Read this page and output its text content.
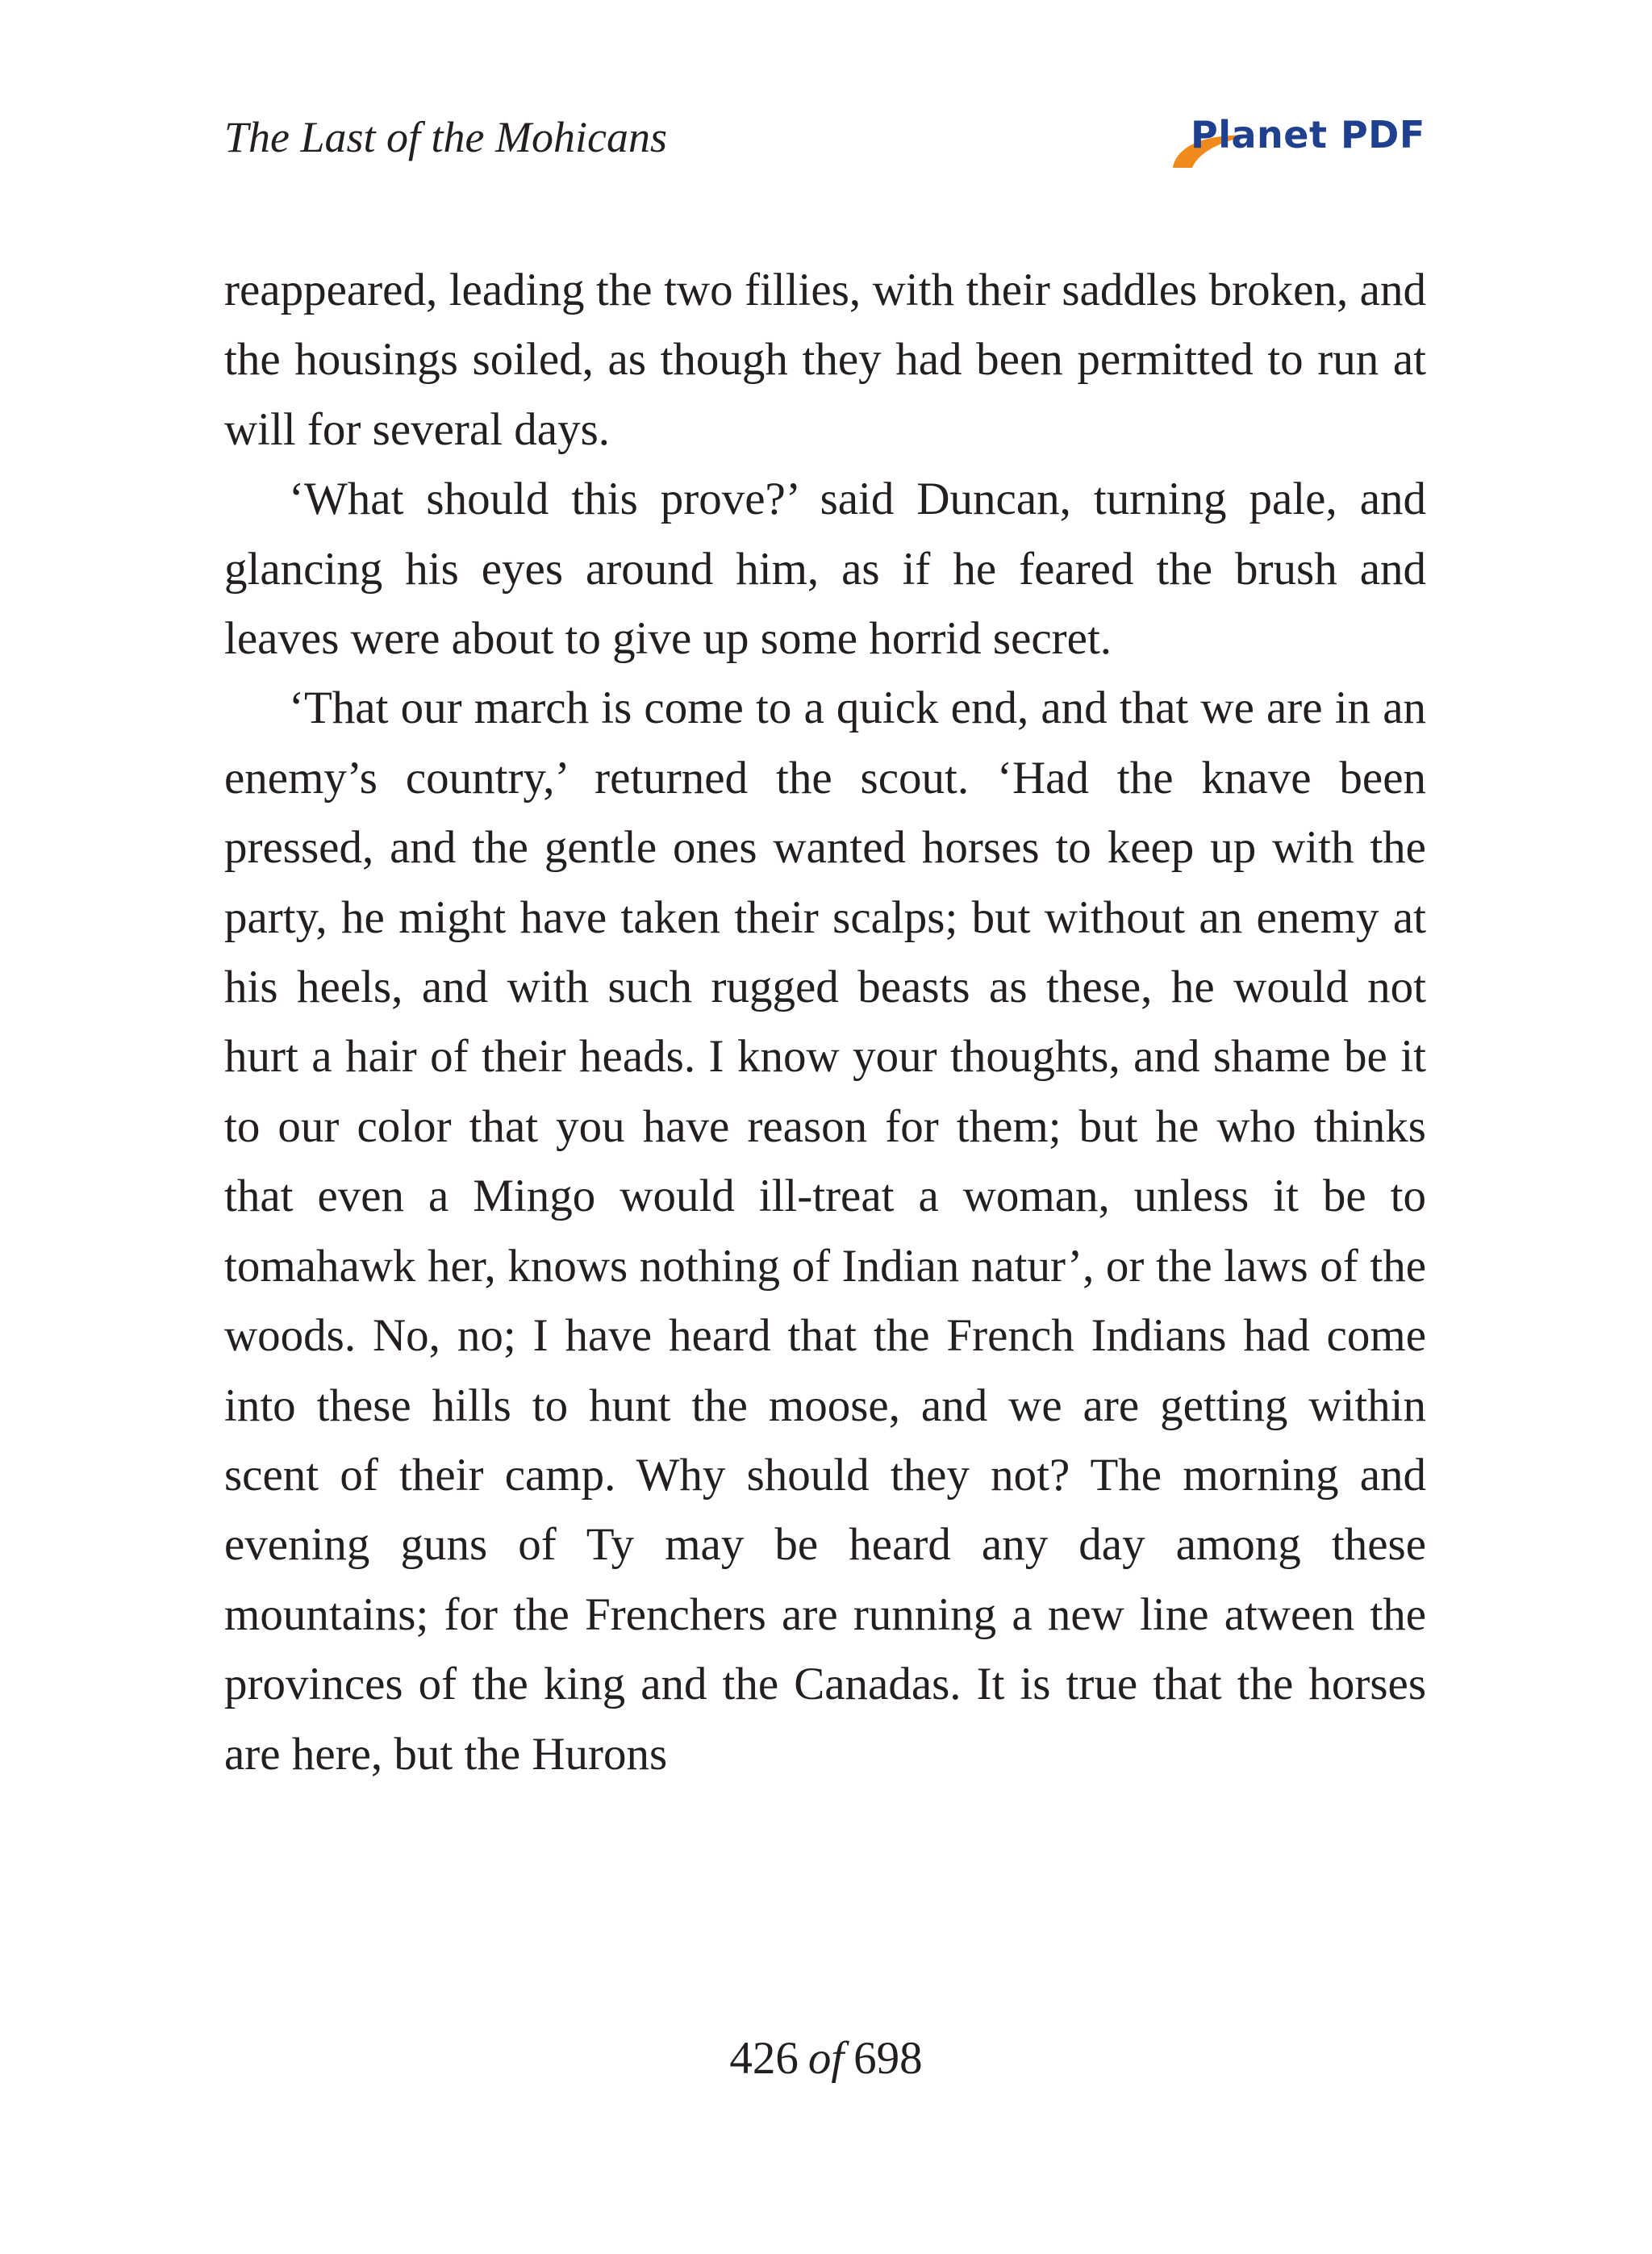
The Last of the Mohicans	Planet PDF

reappeared, leading the two fillies, with their saddles broken, and the housings soiled, as though they had been permitted to run at will for several days.

‘What should this prove?’ said Duncan, turning pale, and glancing his eyes around him, as if he feared the brush and leaves were about to give up some horrid secret.

‘That our march is come to a quick end, and that we are in an enemy’s country,’ returned the scout. ‘Had the knave been pressed, and the gentle ones wanted horses to keep up with the party, he might have taken their scalps; but without an enemy at his heels, and with such rugged beasts as these, he would not hurt a hair of their heads. I know your thoughts, and shame be it to our color that you have reason for them; but he who thinks that even a Mingo would ill-treat a woman, unless it be to tomahawk her, knows nothing of Indian natur’, or the laws of the woods. No, no; I have heard that the French Indians had come into these hills to hunt the moose, and we are getting within scent of their camp. Why should they not? The morning and evening guns of Ty may be heard any day among these mountains; for the Frenchers are running a new line atween the provinces of the king and the Canadas. It is true that the horses are here, but the Hurons

426 of 698
